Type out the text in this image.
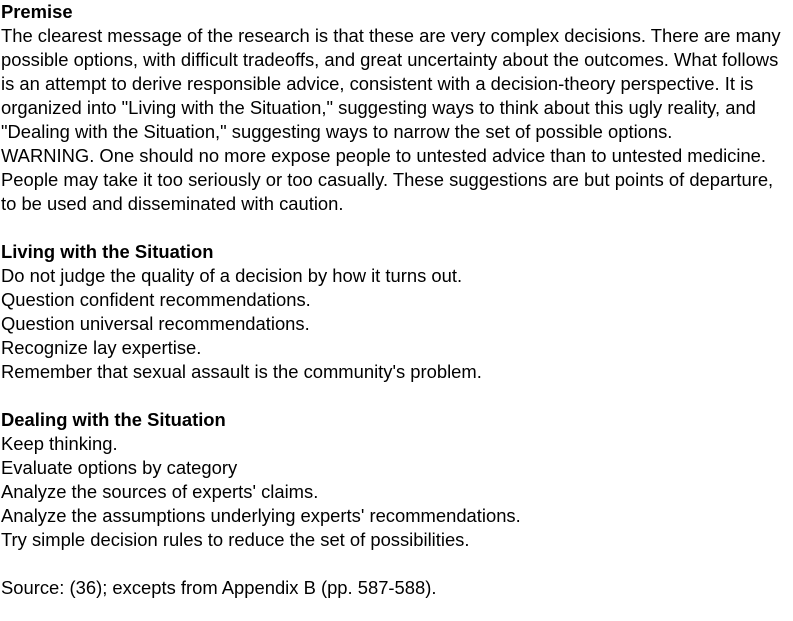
Premise

The clearest message of the research is that these are very complex decisions. There are many possible options, with difficult tradeoffs, and great uncertainty about the outcomes. What follows is an attempt to derive responsible advice, consistent with a decision-theory perspective. It is organized into "Living with the Situation," suggesting ways to think about this ugly reality, and "Dealing with the Situation," suggesting ways to narrow the set of possible options.

WARNING. One should no more expose people to untested advice than to untested medicine. People may take it too seriously or too casually. These suggestions are but points of departure, to be used and disseminated with caution.

Living with the Situation

Do not judge the quality of a decision by how it turns out.

Question confident recommendations.

Question universal recommendations.

Recognize lay expertise.

Remember that sexual assault is the community's problem.

Dealing with the Situation

Keep thinking.

Evaluate options by category

Analyze the sources of experts' claims.

Analyze the assumptions underlying experts' recommendations.

Try simple decision rules to reduce the set of possibilities.

Source: (36); excepts from Appendix B (pp. 587-588).
